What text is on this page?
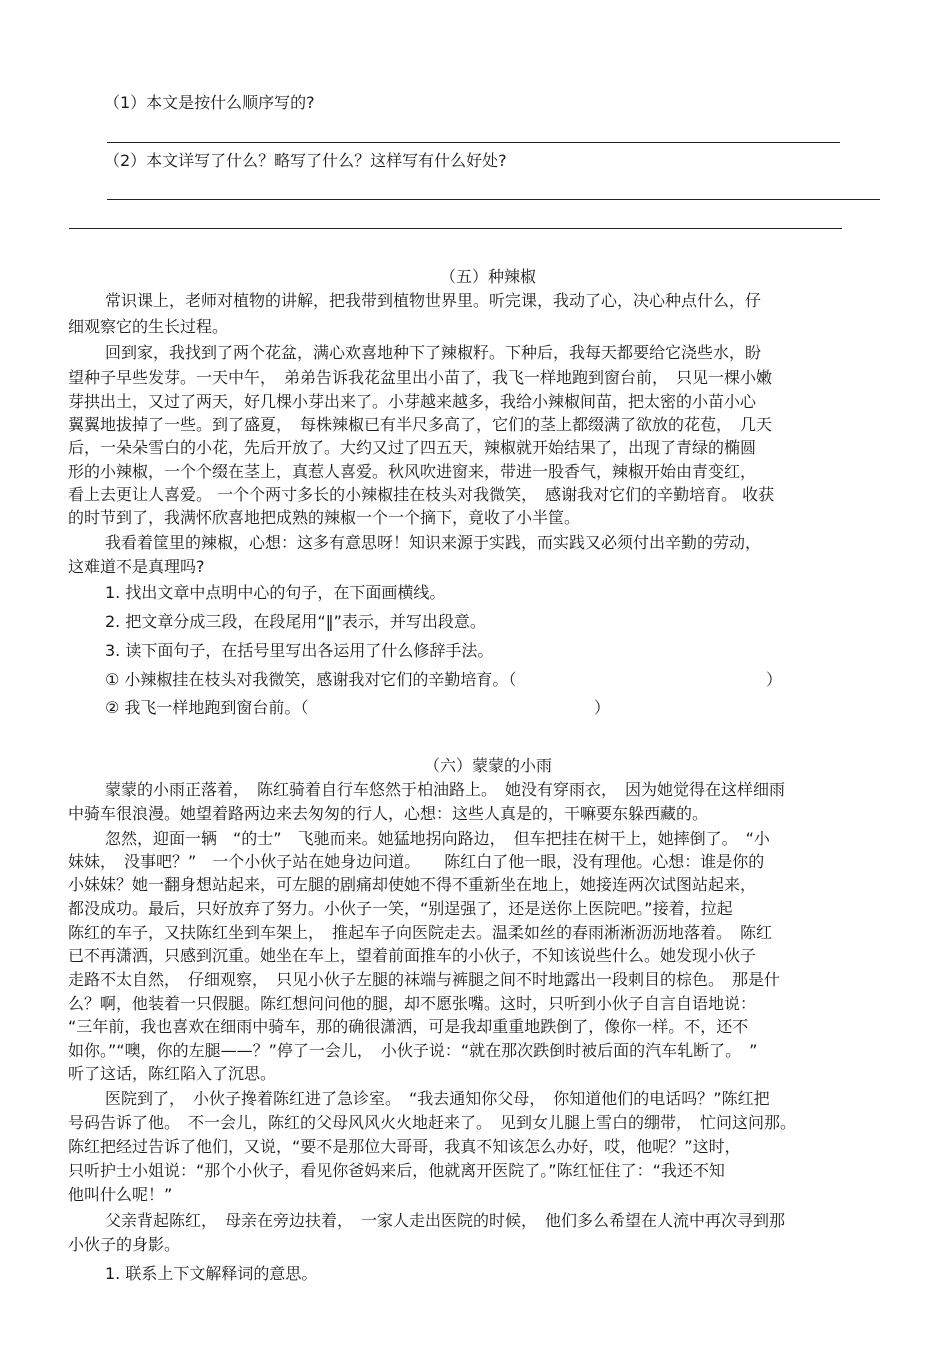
（1）本文是按什么顺序写的?
（2）本文详写了什么？略写了什么？这样写有什么好处?
（五）种辣椒
常识课上，老师对植物的讲解，把我带到植物世界里。听完课，我动了心，决心种点什么，仔
细观察它的生长过程。
回到家，我找到了两个花盆，满心欢喜地种下了辣椒籽。下种后，我每天都要给它浇些水，盼
望种子早些发芽。一天中午，　弟弟告诉我花盆里出小苗了，我飞一样地跑到窗台前，　只见一棵小嫩
芽拱出土，又过了两天，好几棵小芽出来了。小芽越来越多，我给小辣椒间苗，把太密的小苗小心
翼翼地拔掉了一些。到了盛夏，　每株辣椒已有半尺多高了，它们的茎上都缀满了欲放的花苞，　几天
后，一朵朵雪白的小花，先后开放了。大约又过了四五天，辣椒就开始结果了，出现了青绿的椭圆
形的小辣椒，一个个缀在茎上，真惹人喜爱。秋风吹进窗来，带进一股香气，辣椒开始由青变红，
看上去更让人喜爱。 一个个两寸多长的小辣椒挂在枝头对我微笑，　感谢我对它们的辛勤培育。 收获
的时节到了，我满怀欣喜地把成熟的辣椒一个一个摘下，竟收了小半筐。
我看着筐里的辣椒，心想：这多有意思呀！知识来源于实践，而实践又必须付出辛勤的劳动，
这难道不是真理吗?
1. 找出文章中点明中心的句子，在下面画横线。
2. 把文章分成三段，在段尾用“‖”表示，并写出段意。
3. 读下面句子，在括号里写出各运用了什么修辞手法。
① 小辣椒挂在枝头对我微笑，感谢我对它们的辛勤培育。（	）
② 我飞一样地跑到窗台前。（	）
（六）蒙蒙的小雨
蒙蒙的小雨正落着，　陈红骑着自行车悠然于柏油路上。　她没有穿雨衣，　因为她觉得在这样细雨
中骑车很浪漫。她望着路两边来去匆匆的行人，心想：这些人真是的，干嘛要东躲西藏的。
忽然，迎面一辆　“的士”　飞驰而来。她猛地拐向路边，　但车把挂在树干上，她摔倒了。　“小
妹妹，　没事吧？”　一个小伙子站在她身边问道。　　陈红白了他一眼，没有理他。心想：谁是你的
小妹妹？她一翻身想站起来，可左腿的剧痛却使她不得不重新坐在地上，她接连两次试图站起来，
都没成功。最后，只好放弃了努力。小伙子一笑，“别逞强了，还是送你上医院吧。”接着，拉起
陈红的车子，又扶陈红坐到车架上，　推起车子向医院走去。温柔如丝的春雨淅淅沥沥地落着。　陈红
已不再潇洒，只感到沉重。她坐在车上，望着前面推车的小伙子，不知该说些什么。她发现小伙子
走路不太自然，　仔细观察，　只见小伙子左腿的袜端与裤腿之间不时地露出一段刺目的棕色。　那是什
么？啊，他装着一只假腿。陈红想问问他的腿，却不愿张嘴。这时，只听到小伙子自言自语地说：
“三年前，我也喜欢在细雨中骑车，那的确很潇洒，可是我却重重地跌倒了，像你一样。不，还不
如你。”“噢，你的左腿——？”停了一会儿，　小伙子说：“就在那次跌倒时被后面的汽车轧断了。　”
听了这话，陈红陷入了沉思。
医院到了，　小伙子搀着陈红进了急诊室。　“我去通知你父母，　你知道他们的电话吗？”陈红把
号码告诉了他。　不一会儿，陈红的父母风风火火地赶来了。　见到女儿腿上雪白的绷带，　忙问这问那。
陈红把经过告诉了他们，又说，“要不是那位大哥哥，我真不知该怎么办好，哎，他呢？”这时，
只听护士小姐说：“那个小伙子，看见你爸妈来后，他就离开医院了。”陈红怔住了：“我还不知
他叫什么呢！”
父亲背起陈红，　母亲在旁边扶着，　一家人走出医院的时候，　他们多么希望在人流中再次寻到那
小伙子的身影。
1. 联系上下文解释词的意思。
